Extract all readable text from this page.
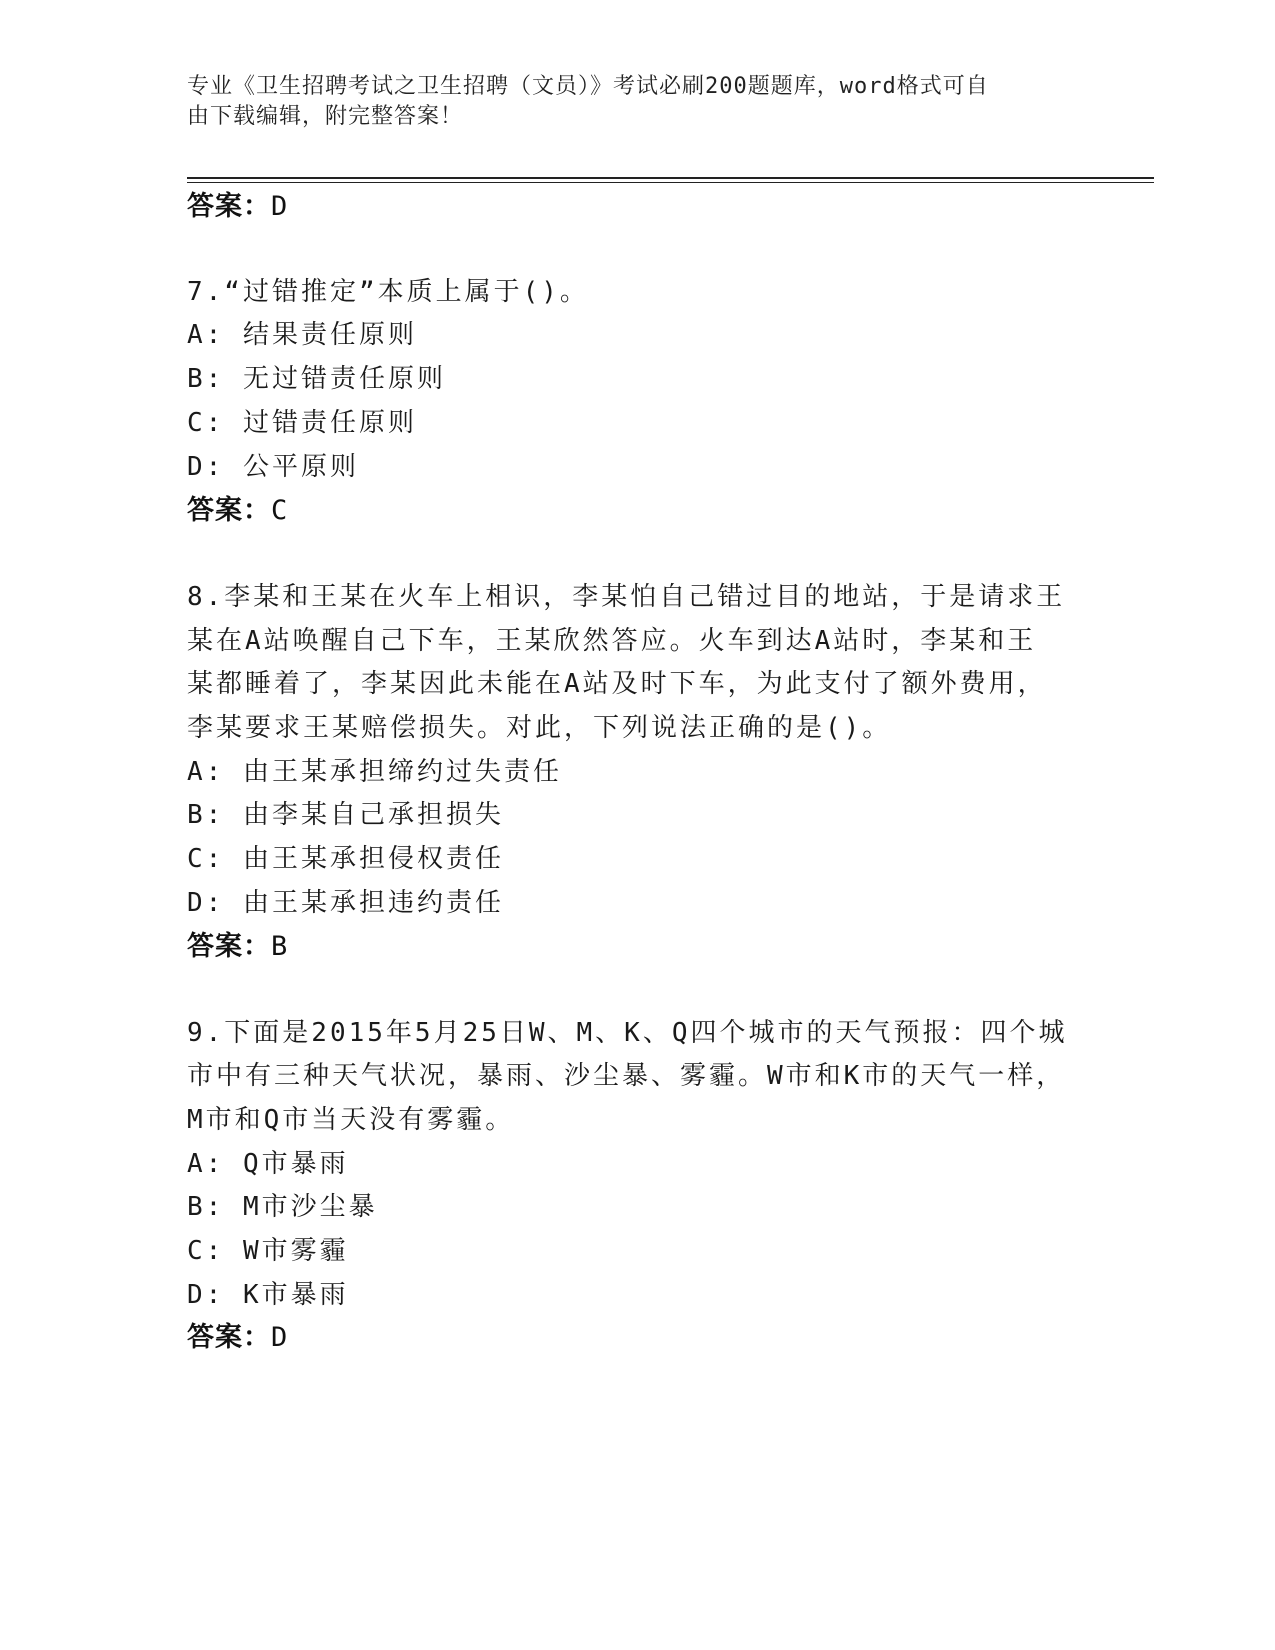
专业《卫生招聘考试之卫生招聘（文员）》考试必刷200题题库，word格式可自
由下载编辑，附完整答案！
答案：D
7.“过错推定”本质上属于()。
A: 结果责任原则
B: 无过错责任原则
C: 过错责任原则
D: 公平原则
答案：C
8.李某和王某在火车上相识，李某怕自己错过目的地站，于是请求王
某在A站唤醒自己下车，王某欣然答应。火车到达A站时，李某和王
某都睡着了，李某因此未能在A站及时下车，为此支付了额外费用，
李某要求王某赔偿损失。对此，下列说法正确的是()。
A: 由王某承担缔约过失责任
B: 由李某自己承担损失
C: 由王某承担侵权责任
D: 由王某承担违约责任
答案：B
9.下面是2015年5月25日W、M、K、Q四个城市的天气预报：四个城
市中有三种天气状况，暴雨、沙尘暴、雾霾。W市和K市的天气一样，
M市和Q市当天没有雾霾。
A: Q市暴雨
B: M市沙尘暴
C: W市雾霾
D: K市暴雨
答案：D
